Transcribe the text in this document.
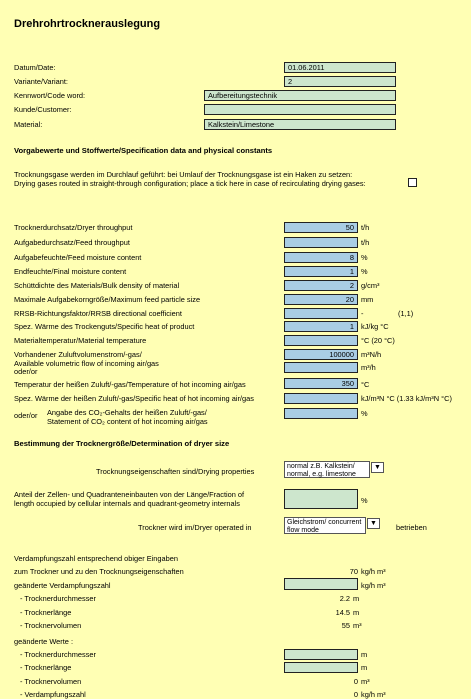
Drehrohrtrocknerauslegung
Datum/Date:	01.06.2011
Variante/Variant:	2
Kennwort/Code word:	Aufbereitungstechnik
Kunde/Customer:
Material:	Kalkstein/Limestone
Vorgabewerte und Stoffwerte/Specification data and physical constants
Trocknungsgase werden im Durchlauf geführt: bei Umlauf der Trocknungsgase ist ein Haken zu setzen:
Drying gases routed in straight-through configuration; place a tick here in case of recirculating drying gases:
Trocknerdurchsatz/Dryer throughput	50 t/h
Aufgabedurchsatz/Feed throughput	t/h
Aufgabefeuchte/Feed moisture content	8 %
Endfeuchte/Final moisture content	1 %
Schüttdichte des Materials/Bulk density of material	2 g/cm³
Maximale Aufgabekorngröße/Maximum feed particle size	20 mm
RRSB-Richtungsfaktor/RRSB directional coefficient	-	(1,1)
Spez. Wärme des Trockenguts/Specific heat of product	1 kJ/kg °C
Materialtemperatur/Material temperature	°C (20 °C)
Vorhandener Zuluftvolumenstrom/-gas/	100000 m³N/h
Available volumetric flow of incoming air/gas
oder/or	m³/h
Temperatur der heißen Zuluft/-gas/Temperature of hot incoming air/gas	350 °C
Spez. Wärme der heißen Zuluft/-gas/Specific heat of hot incoming air/gas	kJ/m³N °C (1.33 kJ/m³N °C)
oder/or Angabe des CO₂-Gehalts der heißen Zuluft/-gas/
Statement of CO₂ content of hot incoming air/gas
%
Bestimmung der Trocknergröße/Determination of dryer size
Trocknungseigenschaften sind/Drying properties
normal z.B. Kalkstein/ normal, e.g. limestone
▼
Anteil der Zellen- und Quadranteneinbauten von der Länge/Fraction of
length occupied by cellular internals and quadrant-geometry internals	%
Trockner wird im/Dryer operated in
Gleichstrom/ concurrent flow mode
▼	betrieben
Verdampfungszahl entsprechend obiger Eingaben
zum Trockner und zu den Trocknungseigenschaften	70 kg/h m³
geänderte Verdampfungszahl	kg/h m³
- Trocknerdurchmesser	2.2 m
- Trocknerlänge	14.5 m
- Trocknervolumen	55 m³
geänderte Werte :
- Trocknerdurchmesser	m
- Trocknerlänge	m
- Trocknervolumen	0 m³
- Verdampfungszahl	0 kg/h m³
